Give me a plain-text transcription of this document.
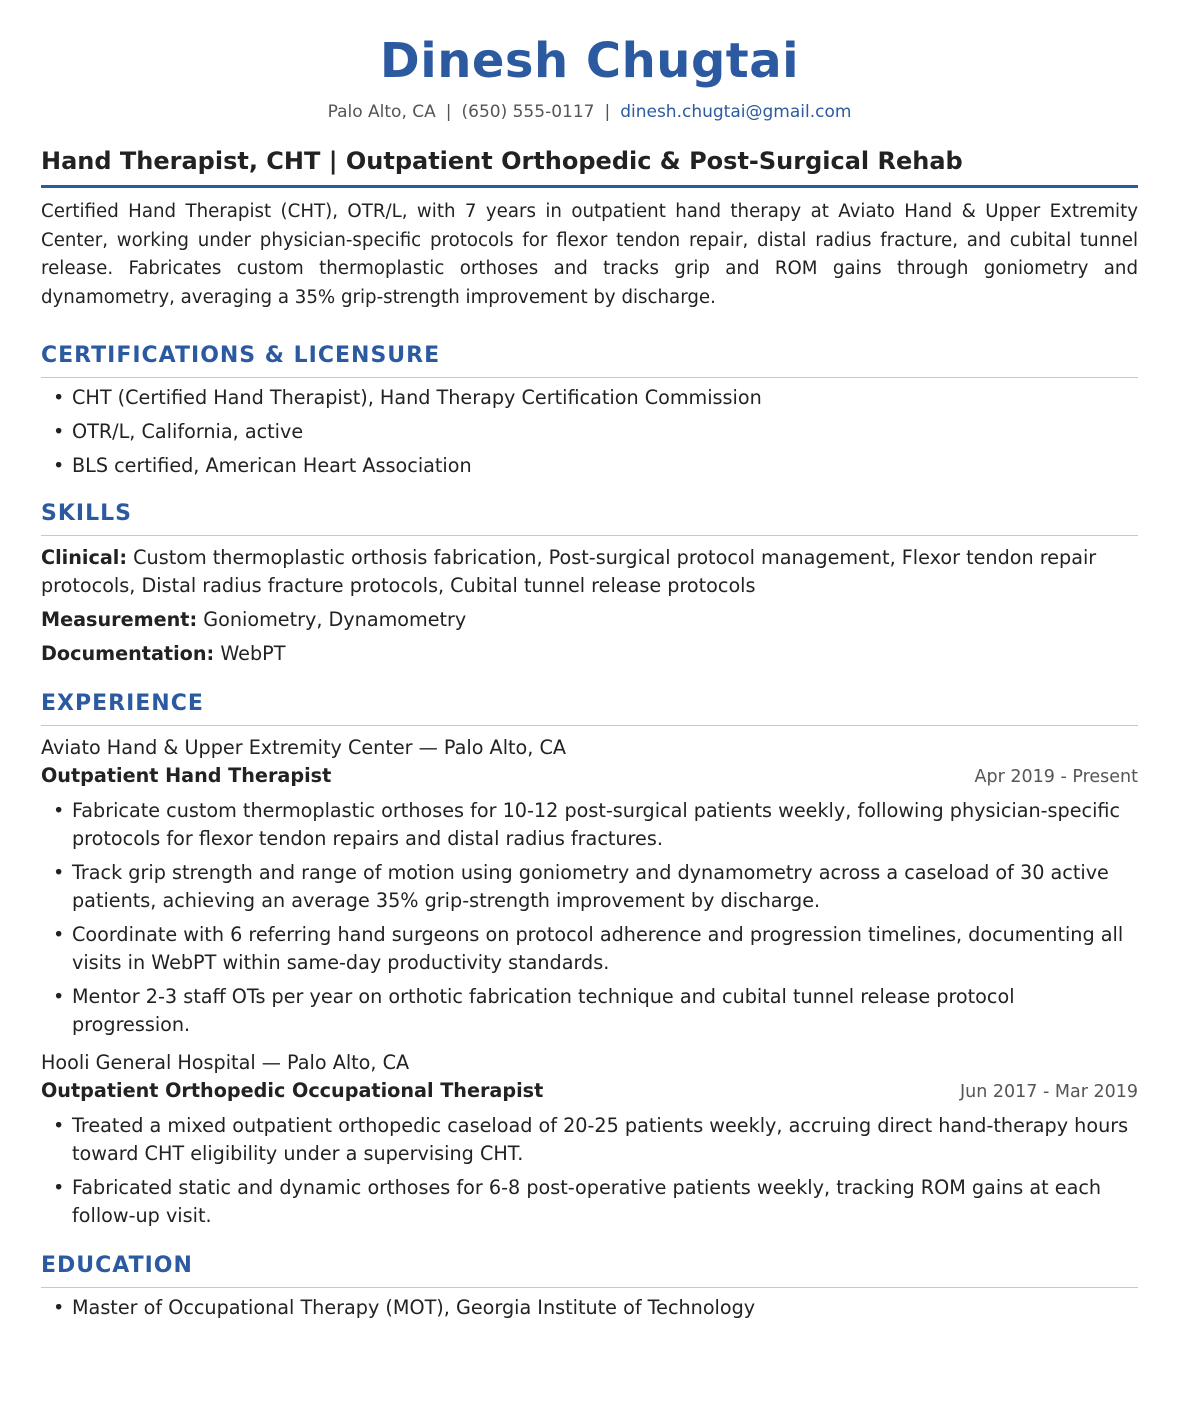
Dinesh Chugtai
Palo Alto, CA | (650) 555-0117 | dinesh.chugtai@gmail.com
Hand Therapist, CHT | Outpatient Orthopedic & Post-Surgical Rehab
Certified Hand Therapist (CHT), OTR/L, with 7 years in outpatient hand therapy at Aviato Hand & Upper Extremity Center, working under physician-specific protocols for flexor tendon repair, distal radius fracture, and cubital tunnel release. Fabricates custom thermoplastic orthoses and tracks grip and ROM gains through goniometry and dynamometry, averaging a 35% grip-strength improvement by discharge.
CERTIFICATIONS & LICENSURE
• CHT (Certified Hand Therapist), Hand Therapy Certification Commission
• OTR/L, California, active
• BLS certified, American Heart Association
SKILLS
Clinical: Custom thermoplastic orthosis fabrication, Post-surgical protocol management, Flexor tendon repair protocols, Distal radius fracture protocols, Cubital tunnel release protocols
Measurement: Goniometry, Dynamometry
Documentation: WebPT
EXPERIENCE
Aviato Hand & Upper Extremity Center — Palo Alto, CA
Outpatient Hand Therapist	Apr 2019 - Present
• Fabricate custom thermoplastic orthoses for 10-12 post-surgical patients weekly, following physician-specific protocols for flexor tendon repairs and distal radius fractures.
• Track grip strength and range of motion using goniometry and dynamometry across a caseload of 30 active patients, achieving an average 35% grip-strength improvement by discharge.
• Coordinate with 6 referring hand surgeons on protocol adherence and progression timelines, documenting all visits in WebPT within same-day productivity standards.
• Mentor 2-3 staff OTs per year on orthotic fabrication technique and cubital tunnel release protocol progression.
Hooli General Hospital — Palo Alto, CA
Outpatient Orthopedic Occupational Therapist	Jun 2017 - Mar 2019
• Treated a mixed outpatient orthopedic caseload of 20-25 patients weekly, accruing direct hand-therapy hours toward CHT eligibility under a supervising CHT.
• Fabricated static and dynamic orthoses for 6-8 post-operative patients weekly, tracking ROM gains at each follow-up visit.
EDUCATION
• Master of Occupational Therapy (MOT), Georgia Institute of Technology
